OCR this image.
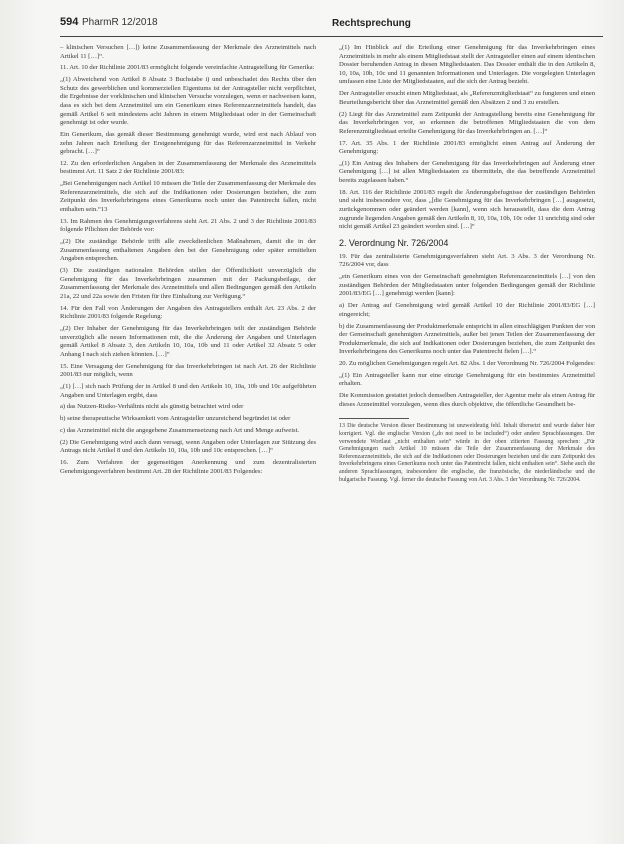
594 PharmR 12/2018	Rechtsprechung

– klinischen Versuchen […]) keine Zusammenfassung der Merkmale des Arzneimittels nach Artikel 11 […]“.

11. Art. 10 der Richtlinie 2001/83 ermöglicht folgende vereinfachte Antragstellung für Generika:

„(1) Abweichend von Artikel 8 Absatz 3 Buchstabe i) und unbeschadet des Rechts über den Schutz des gewerblichen und kommerziellen Eigentums ist der Antragsteller nicht verpflichtet, die Ergebnisse der vorklinischen und klinischen Versuche vorzulegen, wenn er nachweisen kann, dass es sich bei dem Arzneimittel um ein Generikum eines Referenzarzneimittels handelt, das gemäß Artikel 6 seit mindestens acht Jahren in einem Mitgliedstaat oder in der Gemeinschaft genehmigt ist oder wurde.

Ein Generikum, das gemäß dieser Bestimmung genehmigt wurde, wird erst nach Ablauf von zehn Jahren nach Erteilung der Erstgenehmigung für das Referenzarzneimittel in Verkehr gebracht. […]“

12. Zu den erforderlichen Angaben in der Zusammenfassung der Merkmale des Arzneimittels bestimmt Art. 11 Satz 2 der Richtlinie 2001/83:

„Bei Genehmigungen nach Artikel 10 müssen die Teile der Zusammenfassung der Merkmale des Referenzarzneimittels, die sich auf die Indikationen oder Dosierungen beziehen, die zum Zeitpunkt des Inverkehrbringens eines Generikums noch unter das Patentrecht fallen, nicht enthalten sein.“13

13. Im Rahmen des Genehmigungsverfahrens sieht Art. 21 Abs. 2 und 3 der Richtlinie 2001/83 folgende Pflichten der Behörde vor:

„(2) Die zuständige Behörde trifft alle zweckdienlichen Maßnahmen, damit die in der Zusammenfassung enthaltenen Angaben den bei der Genehmigung oder später ermittelten Angaben entsprechen.

(3) Die zuständigen nationalen Behörden stellen der Öffentlichkeit unverzüglich die Genehmigung für das Inverkehrbringen zusammen mit der Packungsbeilage, der Zusammenfassung der Merkmale des Arzneimittels und allen Bedingungen gemäß den Artikeln 21a, 22 und 22a sowie den Fristen für ihre Einhaltung zur Verfügung.“

14. Für den Fall von Änderungen der Angaben des Antragstellers enthält Art. 23 Abs. 2 der Richtlinie 2001/83 folgende Regelung:

„(2) Der Inhaber der Genehmigung für das Inverkehrbringen teilt der zuständigen Behörde unverzüglich alle neuen Informationen mit, die die Änderung der Angaben und Unterlagen gemäß Artikel 8 Absatz 3, den Artikeln 10, 10a, 10b und 11 oder Artikel 32 Absatz 5 oder Anhang I nach sich ziehen könnten. […]“

15. Eine Versagung der Genehmigung für das Inverkehrbringen ist nach Art. 26 der Richtlinie 2001/83 nur möglich, wenn

„(1) […] sich nach Prüfung der in Artikel 8 und den Artikeln 10, 10a, 10b und 10c aufgeführten Angaben und Unterlagen ergibt, dass

a) das Nutzen-Risiko-Verhältnis nicht als günstig betrachtet wird oder

b) seine therapeutische Wirksamkeit vom Antragsteller unzureichend begründet ist oder

c) das Arzneimittel nicht die angegebene Zusammensetzung nach Art und Menge aufweist.

(2) Die Genehmigung wird auch dann versagt, wenn Angaben oder Unterlagen zur Stützung des Antrags nicht Artikel 8 und den Artikeln 10, 10a, 10b und 10c entsprechen. […]“

16. Zum Verfahren der gegenseitigen Anerkennung und zum dezentralisierten Genehmigungsverfahren bestimmt Art. 28 der Richtlinie 2001/83 Folgendes:

„(1) Im Hinblick auf die Erteilung einer Genehmigung für das Inverkehrbringen eines Arzneimittels in mehr als einem Mitgliedstaat stellt der Antragsteller einen auf einem identischen Dossier beruhenden Antrag in diesen Mitgliedstaaten. Das Dossier enthält die in den Artikeln 8, 10, 10a, 10b, 10c und 11 genannten Informationen und Unterlagen. Die vorgelegten Unterlagen umfassen eine Liste der Mitgliedstaaten, auf die sich der Antrag bezieht.

Der Antragsteller ersucht einen Mitgliedstaat, als „Referenzmitgliedstaat“ zu fungieren und einen Beurteilungsbericht über das Arzneimittel gemäß den Absätzen 2 und 3 zu erstellen.

(2) Liegt für das Arzneimittel zum Zeitpunkt der Antragstellung bereits eine Genehmigung für das Inverkehrbringen vor, so erkennen die betroffenen Mitgliedstaaten die von dem Referenzmitgliedstaat erteilte Genehmigung für das Inverkehrbringen an. […]“

17. Art. 35 Abs. 1 der Richtlinie 2001/83 ermöglicht einen Antrag auf Änderung der Genehmigung:

„(1) Ein Antrag des Inhabers der Genehmigung für das Inverkehrbringen auf Änderung einer Genehmigung […] ist allen Mitgliedstaaten zu übermitteln, die das betreffende Arzneimittel bereits zugelassen haben.“

18. Art. 116 der Richtlinie 2001/83 regelt die Änderungsbefugnisse der zuständigen Behörden und sieht insbesondere vor, dass „[die Genehmigung für das Inverkehrbringen […] ausgesetzt, zurückgenommen oder geändert werden [kann], wenn sich herausstellt, dass die dem Antrag zugrunde liegenden Angaben gemäß den Artikeln 8, 10, 10a, 10b, 10c oder 11 unrichtig sind oder nicht gemäß Artikel 23 geändert worden sind. […]“

2. Verordnung Nr. 726/2004

19. Für das zentralisierte Genehmigungsverfahren sieht Art. 3 Abs. 3 der Verordnung Nr. 726/2004 vor, dass

„ein Generikum eines von der Gemeinschaft genehmigten Referenzarzneimittels […] von den zuständigen Behörden der Mitgliedstaaten unter folgenden Bedingungen gemäß der Richtlinie 2001/83/EG […] genehmigt werden [kann]:

a) Der Antrag auf Genehmigung wird gemäß Artikel 10 der Richtlinie 2001/83/EG […] eingereicht;

b) die Zusammenfassung der Produktmerkmale entspricht in allen einschlägigen Punkten der von der Gemeinschaft genehmigten Arzneimittels, außer bei jenen Teilen der Zusammenfassung der Produktmerkmale, die sich auf Indikationen oder Dosierungen beziehen, die zum Zeitpunkt des Inverkehrbringens des Generikums noch unter das Patentrecht fielen […].“

20. Zu möglichen Genehmigungen regelt Art. 82 Abs. 1 der Verordnung Nr. 726/2004 Folgendes:

„(1) Ein Antragsteller kann nur eine einzige Genehmigung für ein bestimmtes Arzneimittel erhalten.

Die Kommission gestattet jedoch demselben Antragsteller, der Agentur mehr als einen Antrag für dieses Arzneimittel vorzulegen, wenn dies durch objektive, die öffentliche Gesundheit be-

13 Die deutsche Version dieser Bestimmung ist unzweideutig fehl. Inhalt übersetzt und wurde daher hier korrigiert. Vgl. die englische Version („do not need to be included“) oder andere Sprachfassungen. Der verwendete Wortlaut „nicht enthalten sein“ würde in der oben zitierten Fassung sprechen: „Für Genehmigungen nach Artikel 10 müssen die Teile der Zusammenfassung der Merkmale des Referenzarzneimittels, die sich auf die Indikationen oder Dosierungen beziehen und die zum Zeitpunkt des Inverkehrbringens eines Generikums noch unter das Patentrecht fallen, nicht enthalten sein“. Siehe auch die anderen Sprachfassungen, insbesondere die englische, die französische, die niederländische und die bulgarische Fassung. Vgl. ferner die deutsche Fassung von Art. 3 Abs. 3 der Verordnung Nr. 726/2004.
